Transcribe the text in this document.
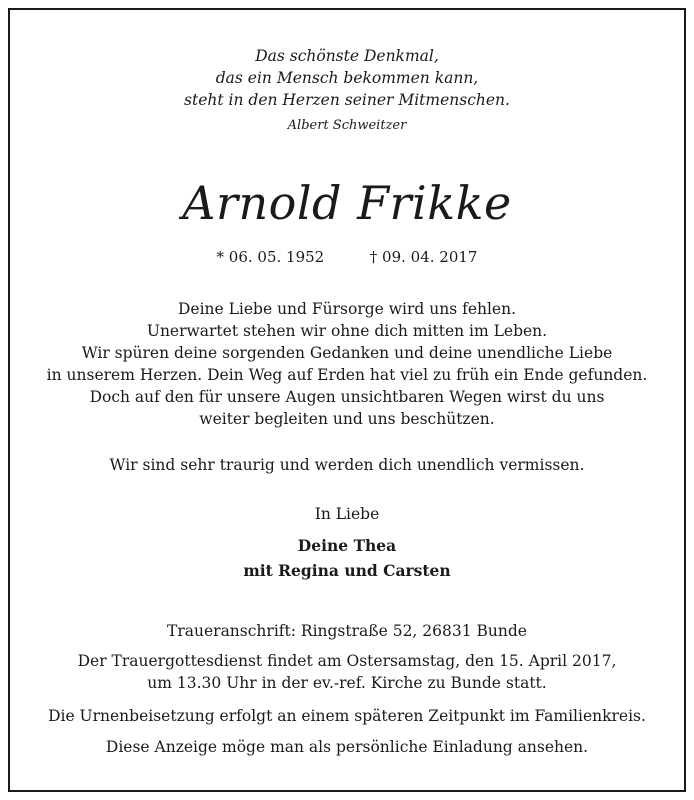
Das schönste Denkmal,
das ein Mensch bekommen kann,
steht in den Herzen seiner Mitmenschen.
Albert Schweitzer
Arnold Frikke
* 06. 05. 1952	† 09. 04. 2017
Deine Liebe und Fürsorge wird uns fehlen.
Unerwartet stehen wir ohne dich mitten im Leben.
Wir spüren deine sorgenden Gedanken und deine unendliche Liebe
in unserem Herzen. Dein Weg auf Erden hat viel zu früh ein Ende gefunden.
Doch auf den für unsere Augen unsichtbaren Wegen wirst du uns
weiter begleiten und uns beschützen.
Wir sind sehr traurig und werden dich unendlich vermissen.
In Liebe
Deine Thea
mit Regina und Carsten
Traueranschrift: Ringstraße 52, 26831 Bunde
Der Trauergottesdienst findet am Ostersamstag, den 15. April 2017,
um 13.30 Uhr in der ev.-ref. Kirche zu Bunde statt.
Die Urnenbeisetzung erfolgt an einem späteren Zeitpunkt im Familienkreis.
Diese Anzeige möge man als persönliche Einladung ansehen.
